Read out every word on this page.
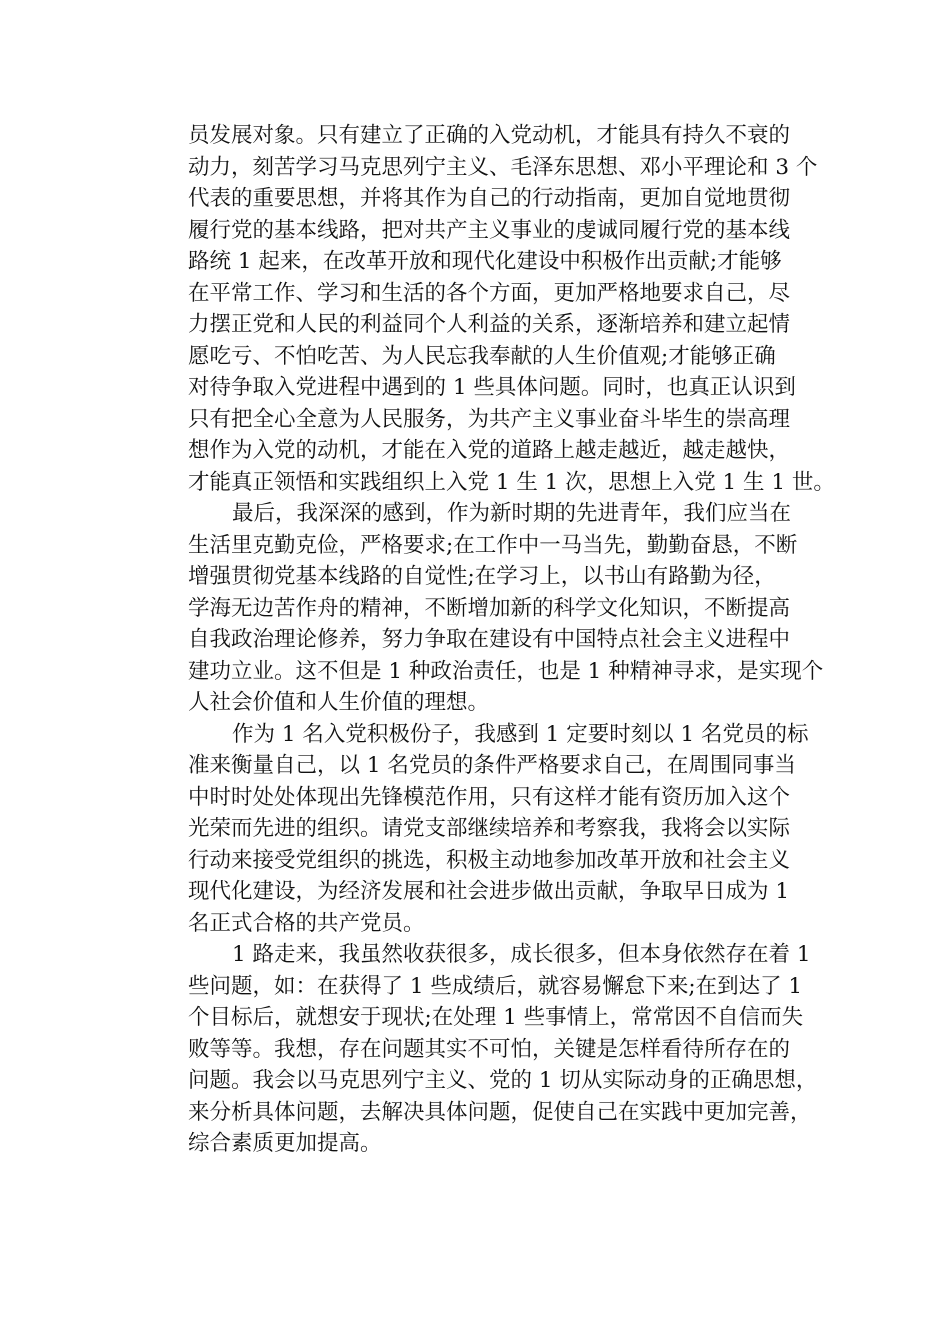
员发展对象。只有建立了正确的入党动机，才能具有持久不衰的
动力，刻苦学习马克思列宁主义、毛泽东思想、邓小平理论和 3 个
代表的重要思想，并将其作为自己的行动指南，更加自觉地贯彻
履行党的基本线路，把对共产主义事业的虔诚同履行党的基本线
路统 1 起来，在改革开放和现代化建设中积极作出贡献;才能够
在平常工作、学习和生活的各个方面，更加严格地要求自己，尽
力摆正党和人民的利益同个人利益的关系，逐渐培养和建立起情
愿吃亏、不怕吃苦、为人民忘我奉献的人生价值观;才能够正确
对待争取入党进程中遇到的 1 些具体问题。同时，也真正认识到
只有把全心全意为人民服务，为共产主义事业奋斗毕生的崇高理
想作为入党的动机，才能在入党的道路上越走越近，越走越快，
才能真正领悟和实践组织上入党 1 生 1 次，思想上入党 1 生 1 世。
最后，我深深的感到，作为新时期的先进青年，我们应当在
生活里克勤克俭，严格要求;在工作中一马当先，勤勤奋恳，不断
增强贯彻党基本线路的自觉性;在学习上，以书山有路勤为径，
学海无边苦作舟的精神，不断增加新的科学文化知识，不断提高
自我政治理论修养，努力争取在建设有中国特点社会主义进程中
建功立业。这不但是 1 种政治责任，也是 1 种精神寻求，是实现个
人社会价值和人生价值的理想。
作为 1 名入党积极份子，我感到 1 定要时刻以 1 名党员的标
准来衡量自己，以 1 名党员的条件严格要求自己，在周围同事当
中时时处处体现出先锋模范作用，只有这样才能有资历加入这个
光荣而先进的组织。请党支部继续培养和考察我，我将会以实际
行动来接受党组织的挑选，积极主动地参加改革开放和社会主义
现代化建设，为经济发展和社会进步做出贡献，争取早日成为 1
名正式合格的共产党员。
1 路走来，我虽然收获很多，成长很多，但本身依然存在着 1
些问题，如：在获得了 1 些成绩后，就容易懈怠下来;在到达了 1
个目标后，就想安于现状;在处理 1 些事情上，常常因不自信而失
败等等。我想，存在问题其实不可怕，关键是怎样看待所存在的
问题。我会以马克思列宁主义、党的 1 切从实际动身的正确思想，
来分析具体问题，去解决具体问题，促使自己在实践中更加完善，
综合素质更加提高。
